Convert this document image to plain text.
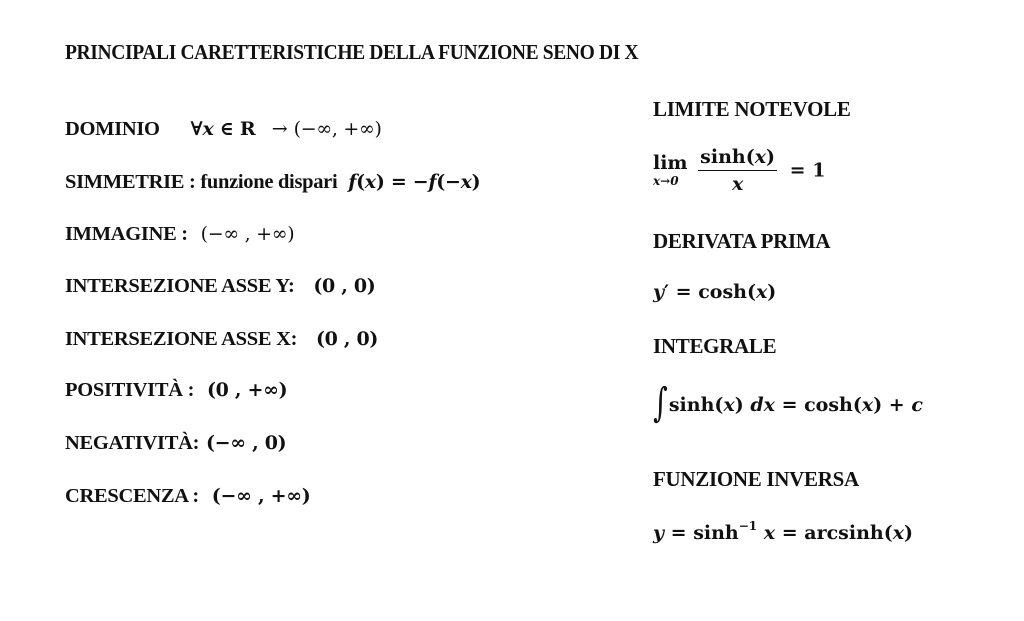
PRINCIPALI CARETTERISTICHE DELLA FUNZIONE SENO DI X
DOMINIO ∀x ∈ R → (−∞, +∞)
SIMMETRIE : funzione dispari f(x) = −f(−x)
IMMAGINE : (−∞ , +∞)
INTERSEZIONE ASSE Y: (0 , 0)
INTERSEZIONE ASSE X: (0 , 0)
POSITIVITÀ : (0 , +∞)
NEGATIVITÀ: (−∞ , 0)
CRESCENZA : (−∞ , +∞)
LIMITE NOTEVOLE
lim
x→0
	$\frac{\sinh(x)}{x} = 1$
DERIVATA PRIMA
y′ = cosh(x)
INTEGRALE
∫sinh(x) dx = cosh(x) + c
FUNZIONE INVERSA
$y = \sinh^{-1} x = \arcsin h(x)$
